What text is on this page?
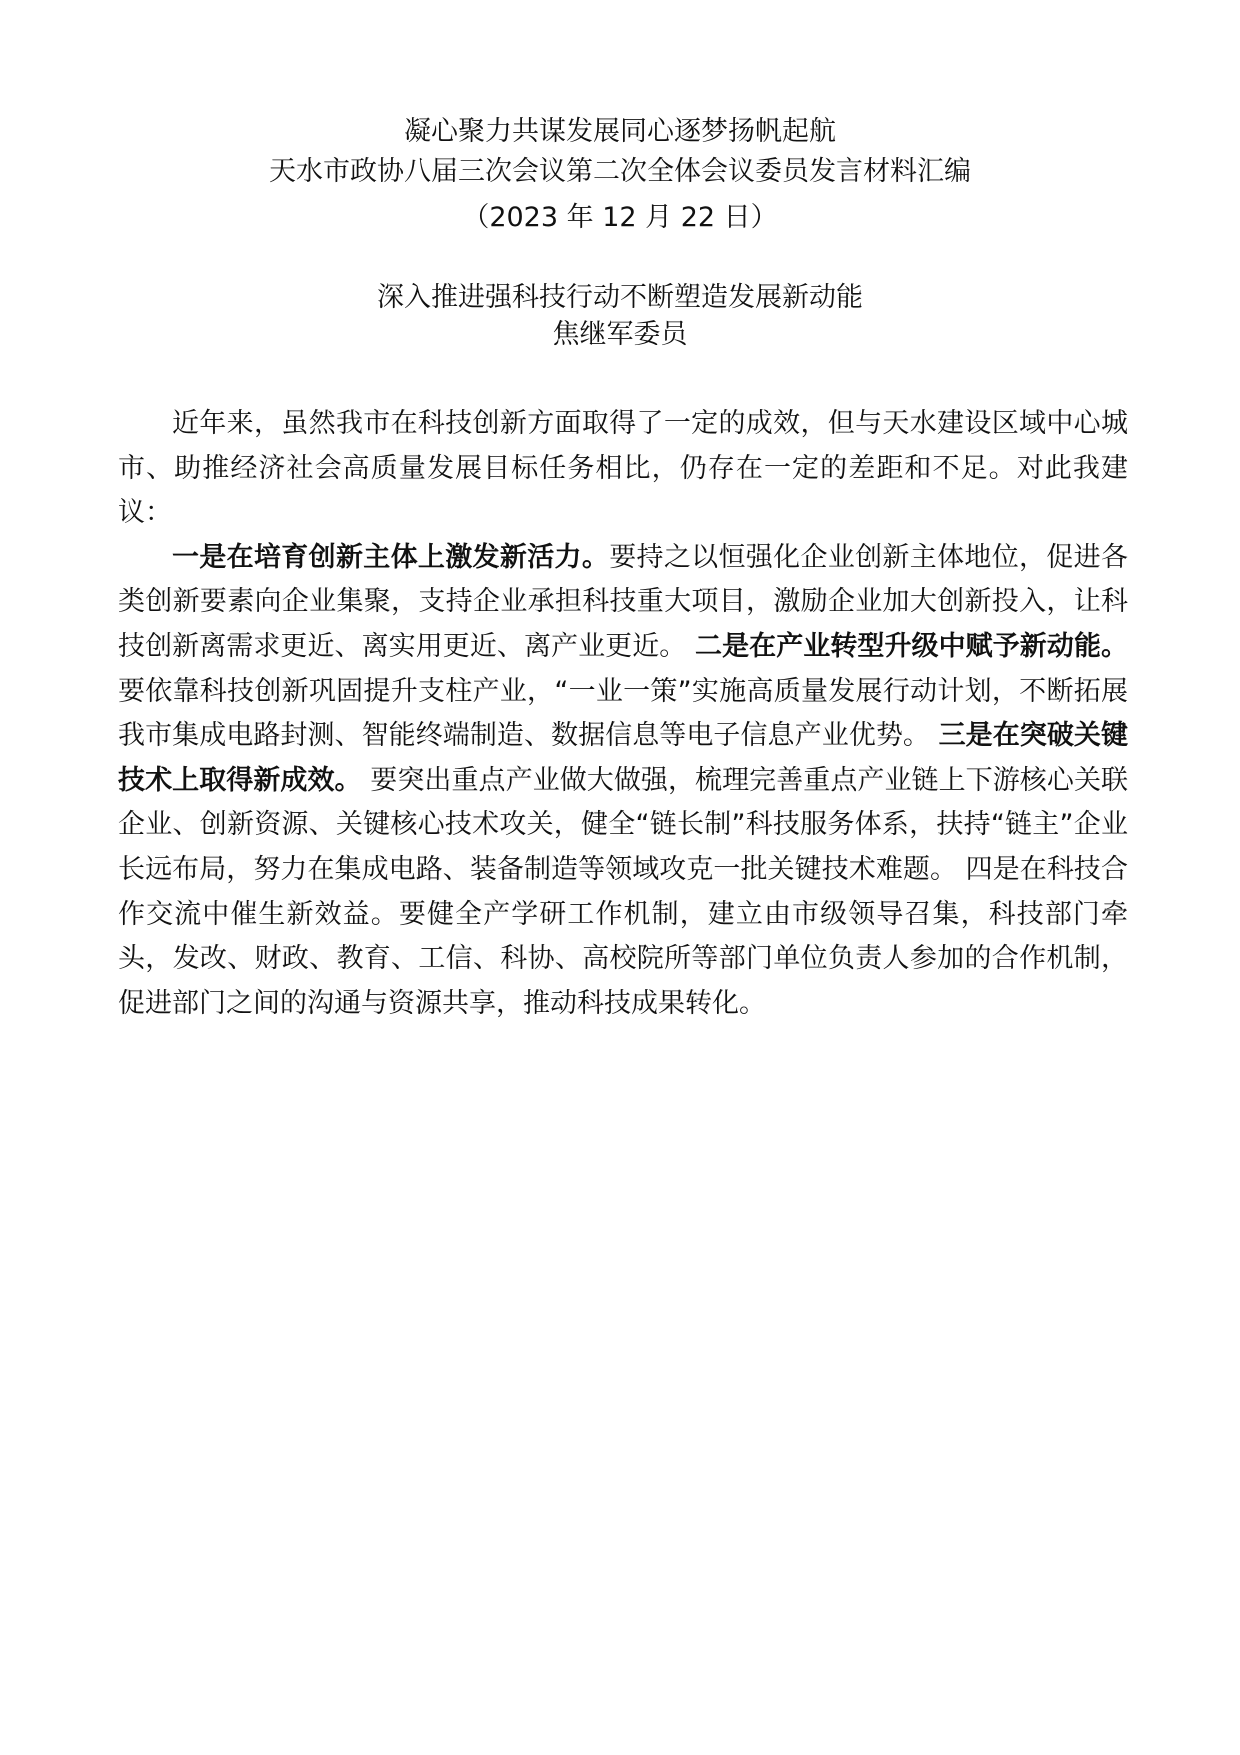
凝心聚力共谋发展同心逐梦扬帆起航
天水市政协八届三次会议第二次全体会议委员发言材料汇编
（2023 年 12 月 22 日）
深入推进强科技行动不断塑造发展新动能
焦继军委员

近年来，虽然我市在科技创新方面取得了一定的成效，但与天水建设区域中心城市、助推经济社会高质量发展目标任务相比，仍存在一定的差距和不足。对此我建议：

一是在培育创新主体上激发新活力。要持之以恒强化企业创新主体地位，促进各类创新要素向企业集聚，支持企业承担科技重大项目，激励企业加大创新投入，让科技创新离需求更近、离实用更近、离产业更近。 二是在产业转型升级中赋予新动能。要依靠科技创新巩固提升支柱产业，“一业一策”实施高质量发展行动计划，不断拓展我市集成电路封测、智能终端制造、数据信息等电子信息产业优势。 三是在突破关键技术上取得新成效。 要突出重点产业做大做强，梳理完善重点产业链上下游核心关联企业、创新资源、关键核心技术攻关，健全“链长制”科技服务体系，扶持“链主”企业长远布局，努力在集成电路、装备制造等领域攻克一批关键技术难题。 四是在科技合作交流中催生新效益。要健全产学研工作机制，建立由市级领导召集，科技部门牵头，发改、财政、教育、工信、科协、高校院所等部门单位负责人参加的合作机制，促进部门之间的沟通与资源共享，推动科技成果转化。
